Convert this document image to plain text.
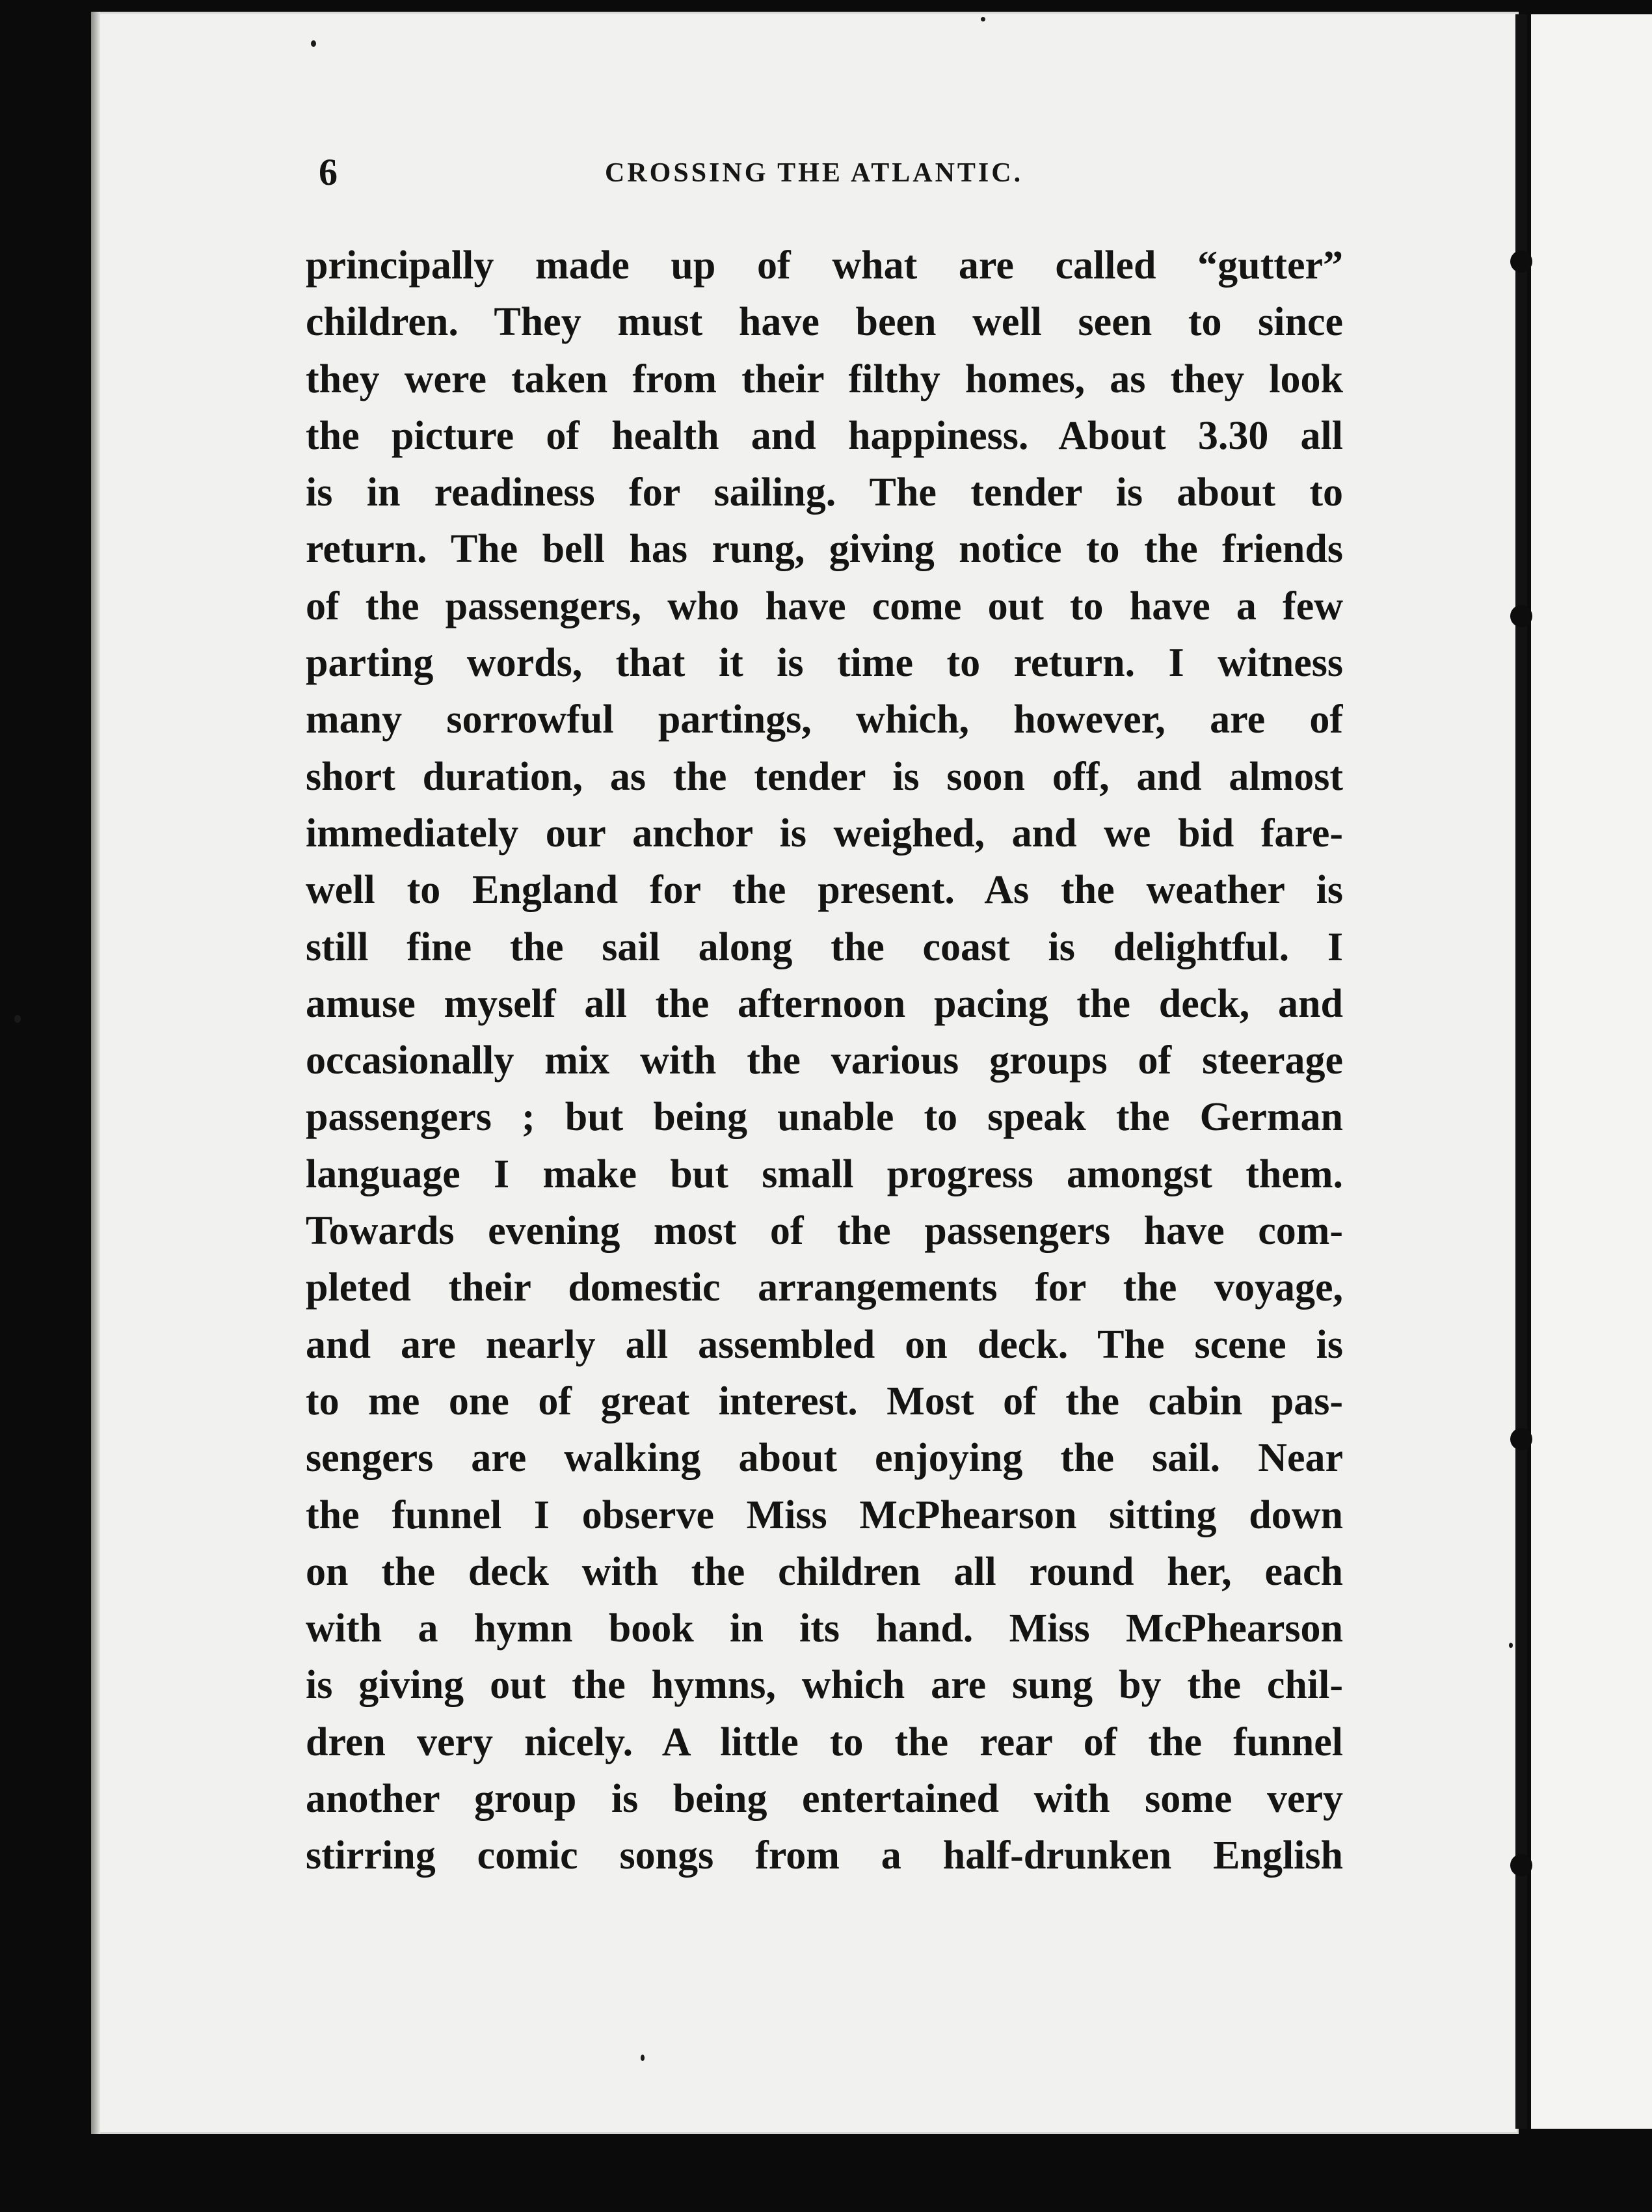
6	CROSSING THE ATLANTIC.
principally made up of what are called “gutter”
children. They must have been well seen to since
they were taken from their filthy homes, as they look
the picture of health and happiness. About 3.30 all
is in readiness for sailing. The tender is about to
return. The bell has rung, giving notice to the friends
of the passengers, who have come out to have a few
parting words, that it is time to return. I witness
many sorrowful partings, which, however, are of
short duration, as the tender is soon off, and almost
immediately our anchor is weighed, and we bid fare-
well to England for the present. As the weather is
still fine the sail along the coast is delightful. I
amuse myself all the afternoon pacing the deck, and
occasionally mix with the various groups of steerage
passengers ; but being unable to speak the German
language I make but small progress amongst them.
Towards evening most of the passengers have com-
pleted their domestic arrangements for the voyage,
and are nearly all assembled on deck. The scene is
to me one of great interest. Most of the cabin pas-
sengers are walking about enjoying the sail. Near
the funnel I observe Miss McPhearson sitting down
on the deck with the children all round her, each
with a hymn book in its hand. Miss McPhearson
is giving out the hymns, which are sung by the chil-
dren very nicely. A little to the rear of the funnel
another group is being entertained with some very
stirring comic songs from a half-drunken English
